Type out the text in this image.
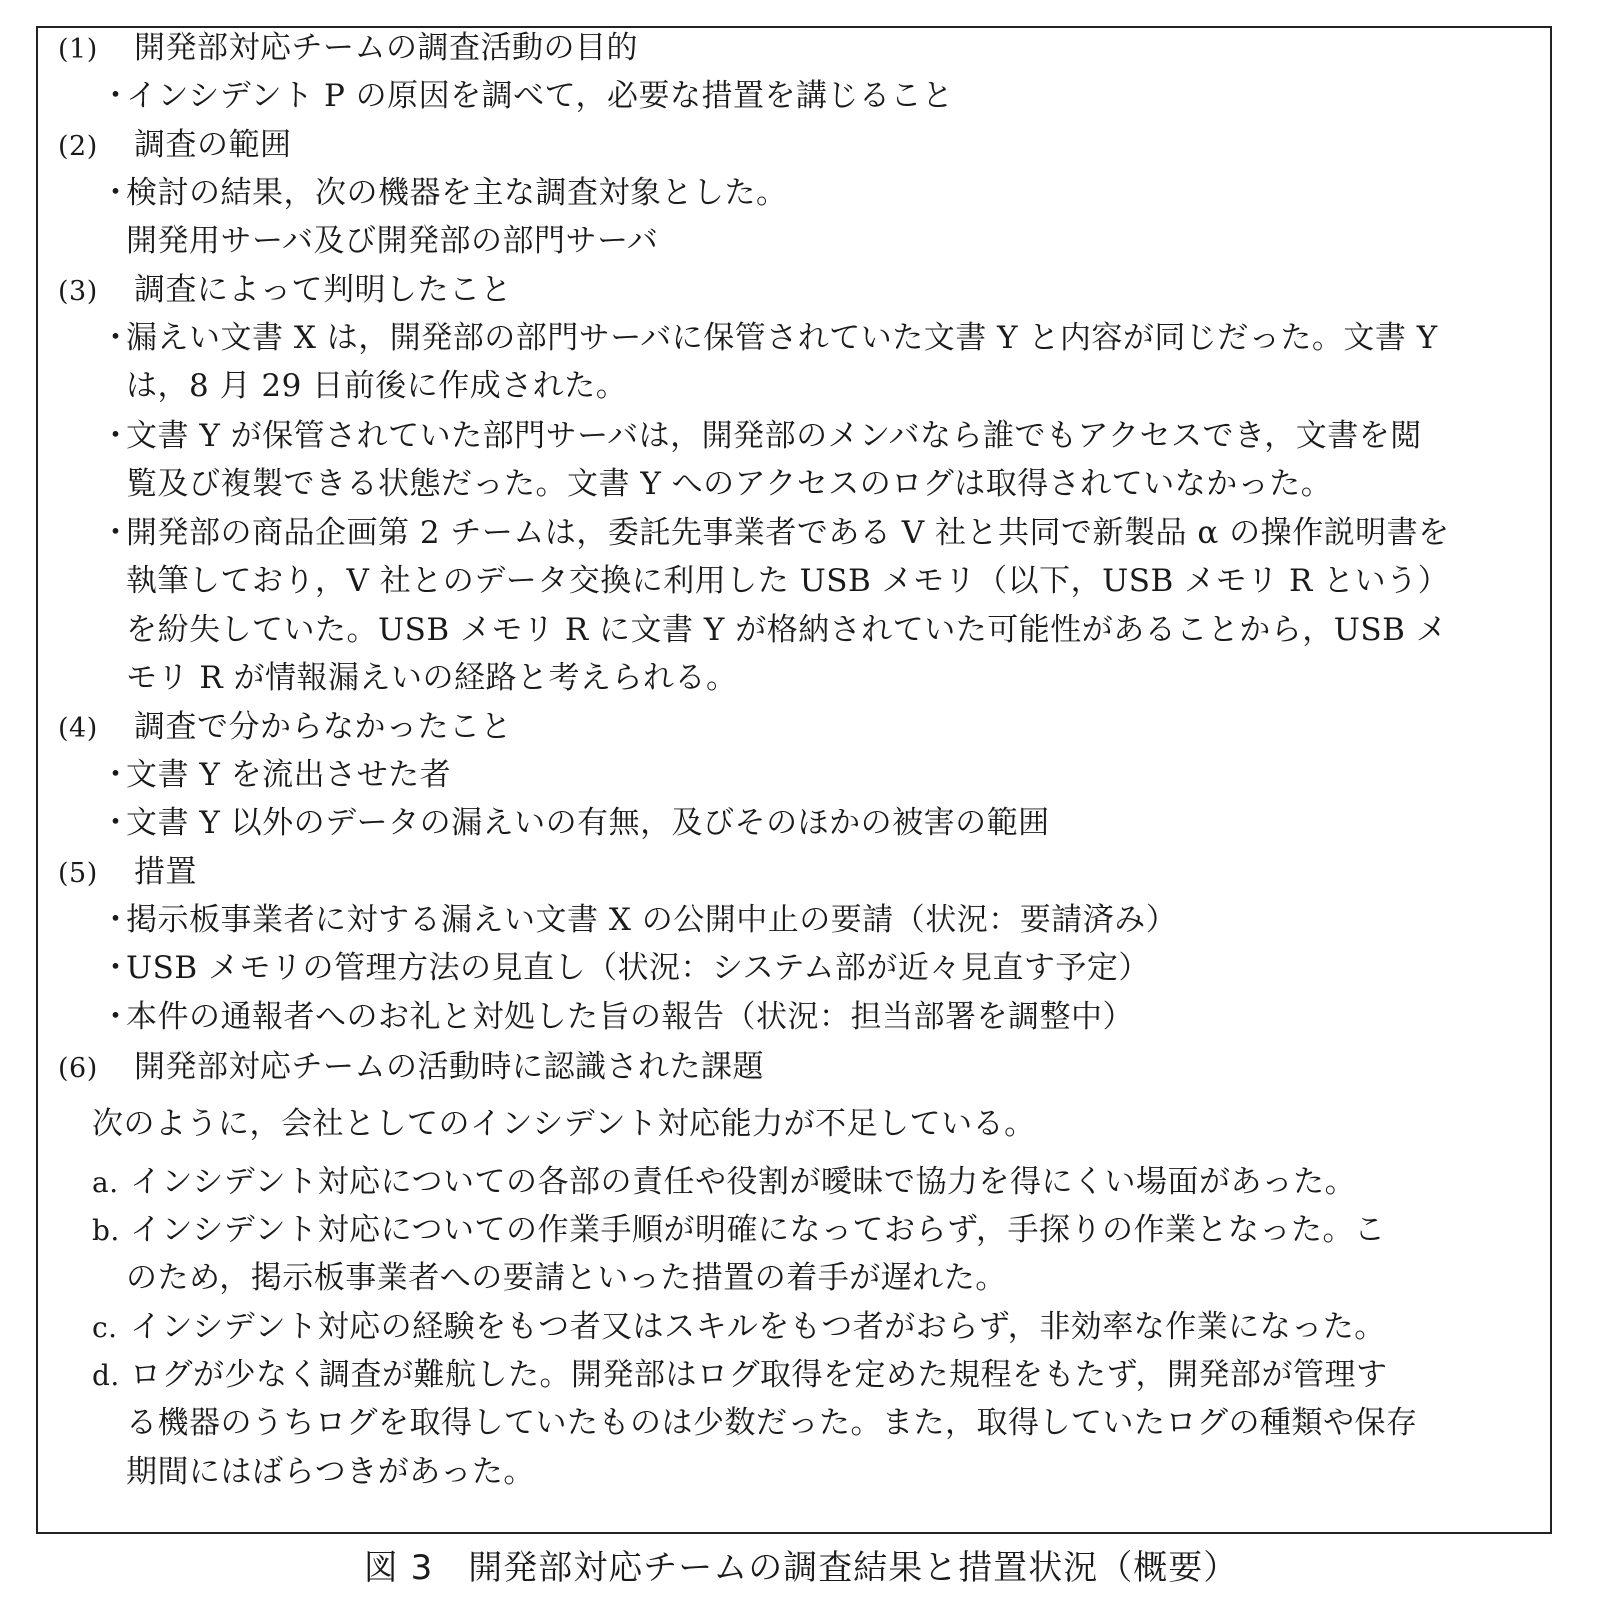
(1) 開発部対応チームの調査活動の目的
・インシデント P の原因を調べて，必要な措置を講じること
(2) 調査の範囲
・検討の結果，次の機器を主な調査対象とした。
開発用サーバ及び開発部の部門サーバ
(3) 調査によって判明したこと
・漏えい文書 X は，開発部の部門サーバに保管されていた文書 Y と内容が同じだった。文書 Y
は，8 月 29 日前後に作成された。
・文書 Y が保管されていた部門サーバは，開発部のメンバなら誰でもアクセスでき，文書を閲
覧及び複製できる状態だった。文書 Y へのアクセスのログは取得されていなかった。
・開発部の商品企画第 2 チームは，委託先事業者である V 社と共同で新製品 α の操作説明書を
執筆しており，V 社とのデータ交換に利用した USB メモリ（以下，USB メモリ R という）
を紛失していた。USB メモリ R に文書 Y が格納されていた可能性があることから，USB メ
モリ R が情報漏えいの経路と考えられる。
(4) 調査で分からなかったこと
・文書 Y を流出させた者
・文書 Y 以外のデータの漏えいの有無，及びそのほかの被害の範囲
(5) 措置
・掲示板事業者に対する漏えい文書 X の公開中止の要請（状況：要請済み）
・USB メモリの管理方法の見直し（状況：システム部が近々見直す予定）
・本件の通報者へのお礼と対処した旨の報告（状況：担当部署を調整中）
(6) 開発部対応チームの活動時に認識された課題
次のように，会社としてのインシデント対応能力が不足している。
a. インシデント対応についての各部の責任や役割が曖昧で協力を得にくい場面があった。
b. インシデント対応についての作業手順が明確になっておらず，手探りの作業となった。こ
のため，掲示板事業者への要請といった措置の着手が遅れた。
c. インシデント対応の経験をもつ者又はスキルをもつ者がおらず，非効率な作業になった。
d. ログが少なく調査が難航した。開発部はログ取得を定めた規程をもたず，開発部が管理す
る機器のうちログを取得していたものは少数だった。また，取得していたログの種類や保存
期間にはばらつきがあった。
図 3　開発部対応チームの調査結果と措置状況（概要）
